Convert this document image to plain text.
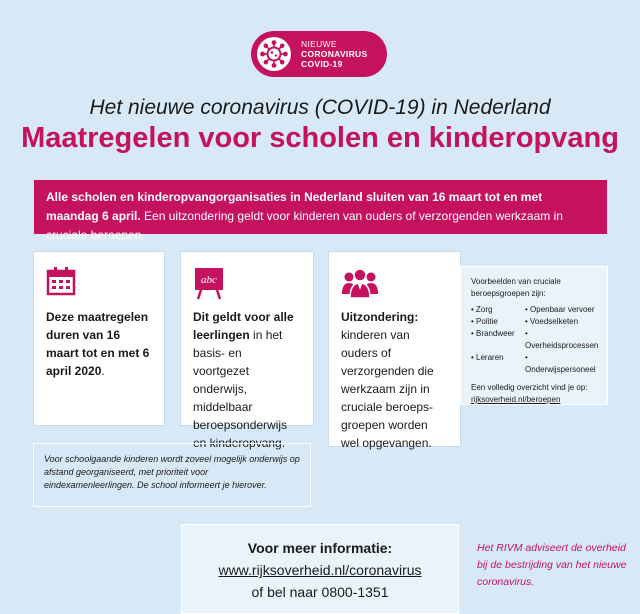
NIEUWE
CORONAVIRUS
COVID-19
Het nieuwe coronavirus (COVID-19) in Nederland
Maatregelen voor scholen en kinderopvang
Alle scholen en kinderopvangorganisaties in Nederland sluiten van 16 maart tot en met maandag 6 april. Een uitzondering geldt voor kinderen van ouders of verzorgenden werkzaam in cruciale beroepen.
Deze maatregelen duren van 16 maart tot en met 6 april 2020.
abc
Dit geldt voor alle leerlingen in het basis- en voortgezet onderwijs, middelbaar beroepsonderwijs en kinderopvang.
Uitzondering:
kinderen van ouders of verzorgenden die werkzaam zijn in cruciale beroeps-groepen worden wel opgevangen.
Voorbeelden van cruciale beroepsgroepen zijn:
• Zorg	• Openbaar vervoer
• Politie	• Voedselketen
• Brandweer
• Overheidsprocessen
• Leraren
• Onderwijspersoneel
Een volledig overzicht vind je op:
rijksoverheid.nl/beroepen
Voor schoolgaande kinderen wordt zoveel mogelijk onderwijs op afstand georganiseerd, met prioriteit voor eindexamenleerlingen. De school informeert je hierover.
Voor meer informatie:
www.rijksoverheid.nl/coronavirus
of bel naar 0800-1351
Het RIVM adviseert de overheid bij de bestrijding van het nieuwe coronavirus.
